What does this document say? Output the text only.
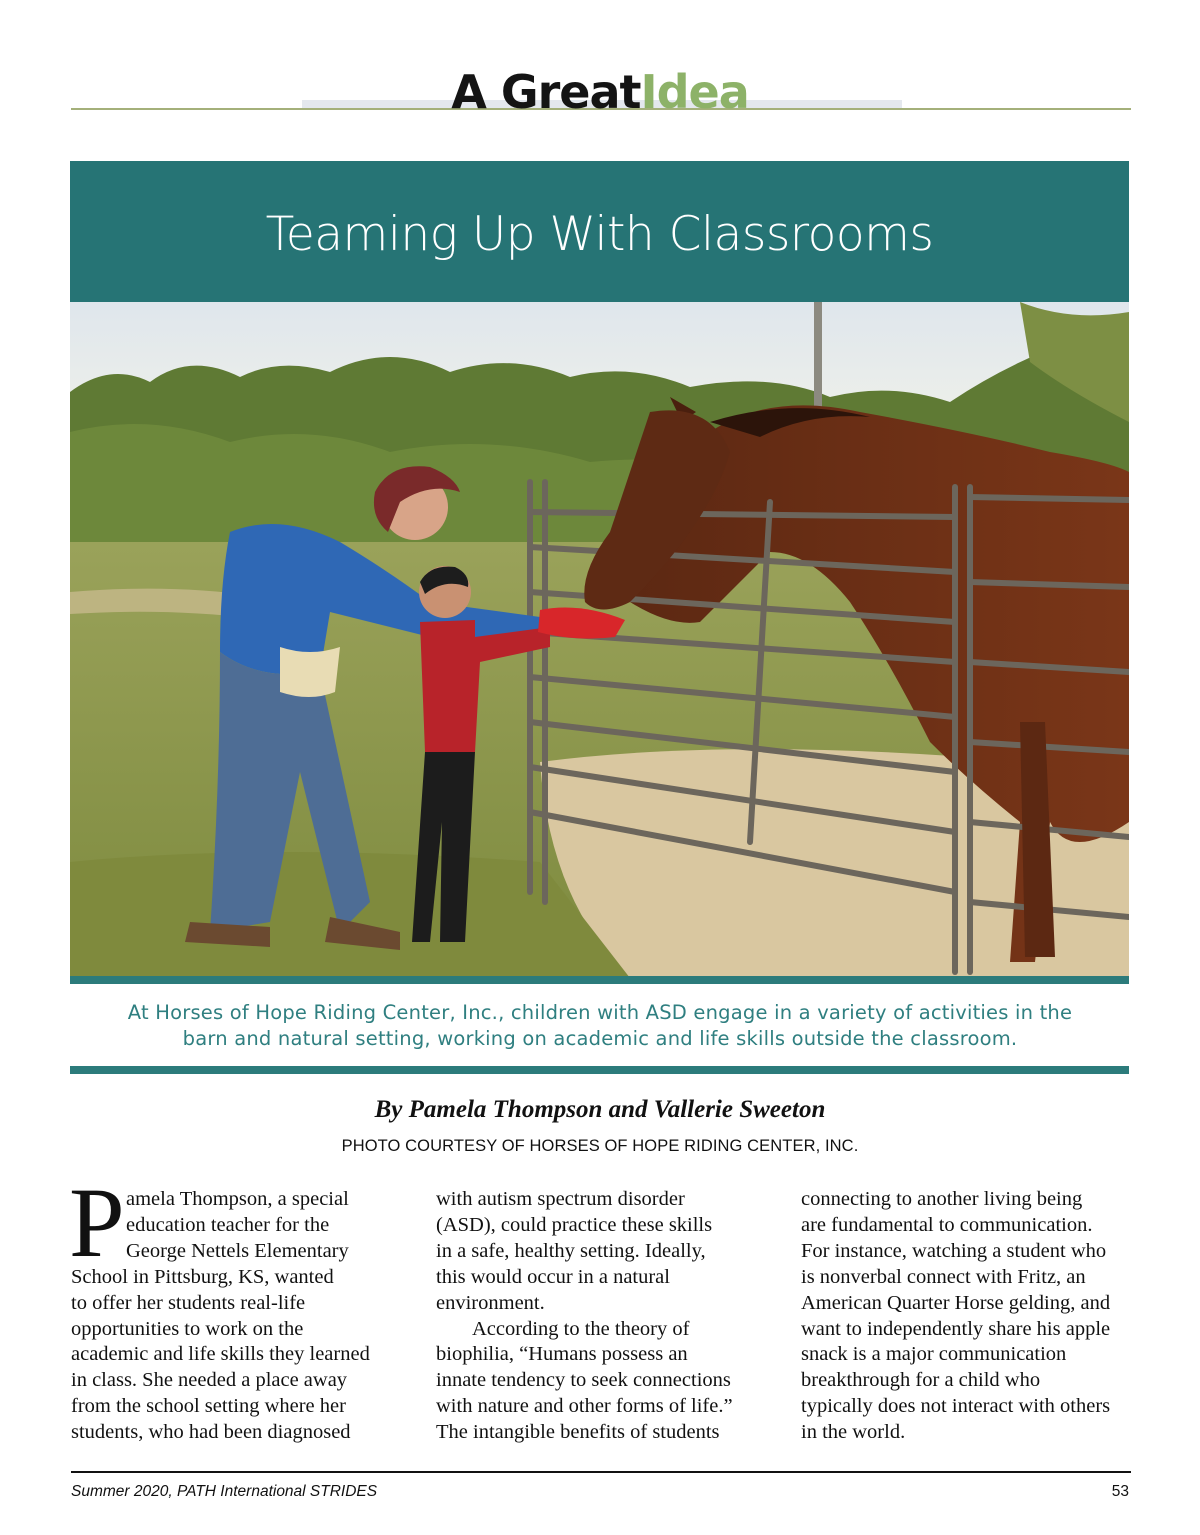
A GreatIdea
Teaming Up With Classrooms
At Horses of Hope Riding Center, Inc., children with ASD engage in a variety of activities in the
barn and natural setting, working on academic and life skills outside the classroom.
By Pamela Thompson and Vallerie Sweeton
PHOTO COURTESY OF HORSES OF HOPE RIDING CENTER, INC.
P amela Thompson, a special
education teacher for the
George Nettels Elementary
School in Pittsburg, KS, wanted
to offer her students real-life
opportunities to work on the
academic and life skills they learned
in class. She needed a place away
from the school setting where her
students, who had been diagnosed
with autism spectrum disorder
(ASD), could practice these skills
in a safe, healthy setting. Ideally,
this would occur in a natural
environment.
According to the theory of
biophilia, “Humans possess an
innate tendency to seek connections
with nature and other forms of life.”
The intangible benefits of students
connecting to another living being
are fundamental to communication.
For instance, watching a student who
is nonverbal connect with Fritz, an
American Quarter Horse gelding, and
want to independently share his apple
snack is a major communication
breakthrough for a child who
typically does not interact with others
in the world.
Summer 2020, PATH International STRIDES	53
